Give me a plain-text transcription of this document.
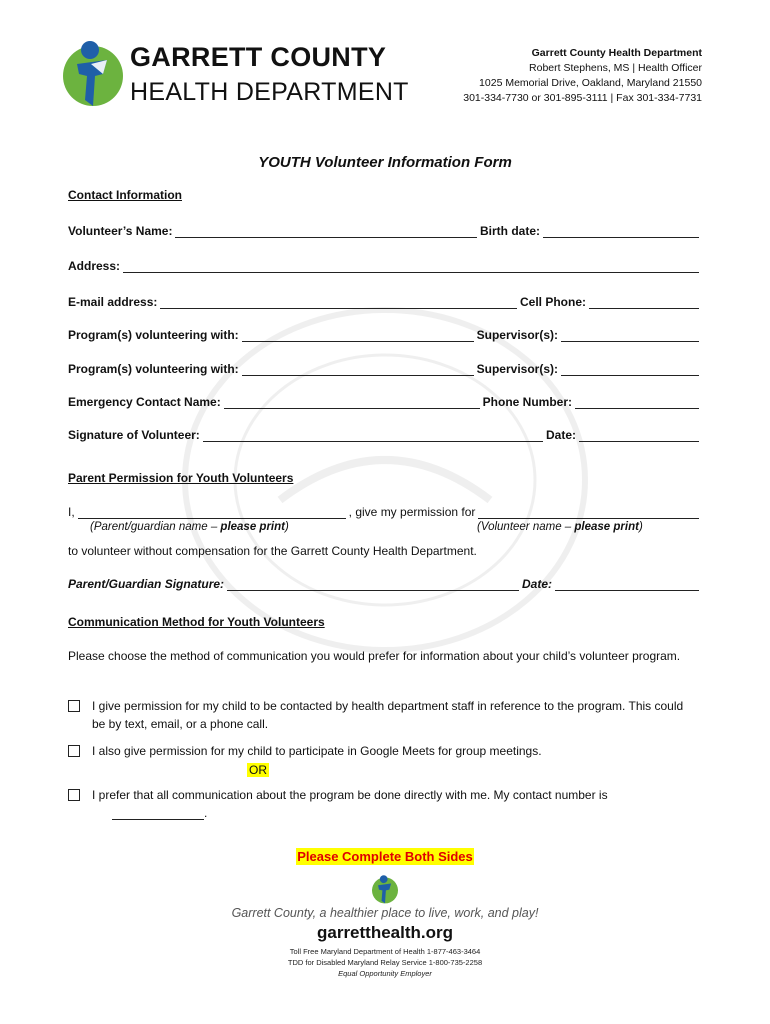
GARRETT COUNTY
HEALTH DEPARTMENT
Garrett County Health Department
Robert Stephens, MS | Health Officer
1025 Memorial Drive, Oakland, Maryland 21550
301-334-7730 or 301-895-3111 | Fax 301-334-7731
YOUTH Volunteer Information Form
Contact Information
Volunteer’s Name:	Birth date:
Address:
E-mail address:	Cell Phone:
Program(s) volunteering with:	Supervisor(s):
Program(s) volunteering with:	Supervisor(s):
Emergency Contact Name:	Phone Number:
Signature of Volunteer:	Date:
Parent Permission for Youth Volunteers
I,	, give my permission for
(Parent/guardian name – please print)	(Volunteer name – please print)
to volunteer without compensation for the Garrett County Health Department.
Parent/Guardian Signature:	Date:
Communication Method for Youth Volunteers
Please choose the method of communication you would prefer for information about your child’s volunteer program.
I give permission for my child to be contacted by health department staff in reference to the program. This could be by text, email, or a phone call.
I also give permission for my child to participate in Google Meets for group meetings.
OR
I prefer that all communication about the program be done directly with me. My contact number is
.
Please Complete Both Sides
Garrett County, a healthier place to live, work, and play!
garretthealth.org
Toll Free Maryland Department of Health 1-877-463-3464
TDD for Disabled Maryland Relay Service 1-800-735-2258
Equal Opportunity Employer
